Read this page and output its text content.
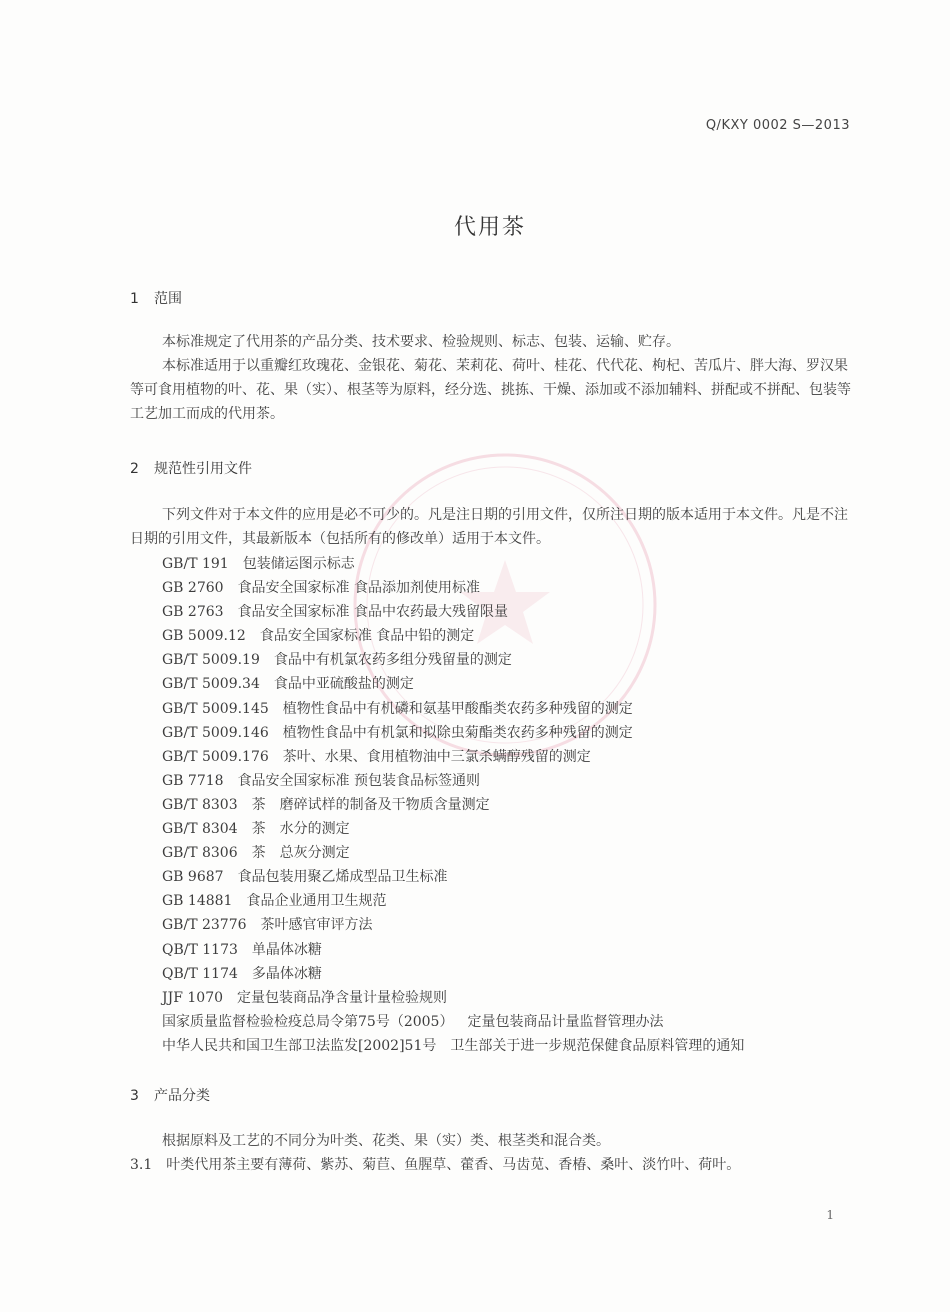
Q/KXY 0002 S—2013
代用茶
1 范围

本标准规定了代用茶的产品分类、技术要求、检验规则、标志、包装、运输、贮存。

本标准适用于以重瓣红玫瑰花、金银花、菊花、茉莉花、荷叶、桂花、代代花、枸杞、苦瓜片、胖大海、罗汉果等可食用植物的叶、花、果（实）、根茎等为原料，经分选、挑拣、干燥、添加或不添加辅料、拼配或不拼配、包装等工艺加工而成的代用茶。

2 规范性引用文件

下列文件对于本文件的应用是必不可少的。凡是注日期的引用文件，仅所注日期的版本适用于本文件。凡是不注日期的引用文件，其最新版本（包括所有的修改单）适用于本文件。

GB/T 191 包装储运图示标志
GB 2760 食品安全国家标准 食品添加剂使用标准
GB 2763 食品安全国家标准 食品中农药最大残留限量
GB 5009.12 食品安全国家标准 食品中铅的测定
GB/T 5009.19 食品中有机氯农药多组分残留量的测定
GB/T 5009.34 食品中亚硫酸盐的测定
GB/T 5009.145 植物性食品中有机磷和氨基甲酸酯类农药多种残留的测定
GB/T 5009.146 植物性食品中有机氯和拟除虫菊酯类农药多种残留的测定
GB/T 5009.176 茶叶、水果、食用植物油中三氯杀螨醇残留的测定
GB 7718 食品安全国家标准 预包装食品标签通则
GB/T 8303 茶　磨碎试样的制备及干物质含量测定
GB/T 8304 茶　水分的测定
GB/T 8306 茶　总灰分测定
GB 9687 食品包装用聚乙烯成型品卫生标准
GB 14881 食品企业通用卫生规范
GB/T 23776 茶叶感官审评方法
QB/T 1173 单晶体冰糖
QB/T 1174 多晶体冰糖
JJF 1070 定量包装商品净含量计量检验规则
国家质量监督检验检疫总局令第75号（2005） 定量包装商品计量监督管理办法
中华人民共和国卫生部卫法监发[2002]51号 卫生部关于进一步规范保健食品原料管理的通知
3 产品分类

根据原料及工艺的不同分为叶类、花类、果（实）类、根茎类和混合类。

3.1　叶类代用茶主要有薄荷、紫苏、菊苣、鱼腥草、藿香、马齿苋、香椿、桑叶、淡竹叶、荷叶。

1
